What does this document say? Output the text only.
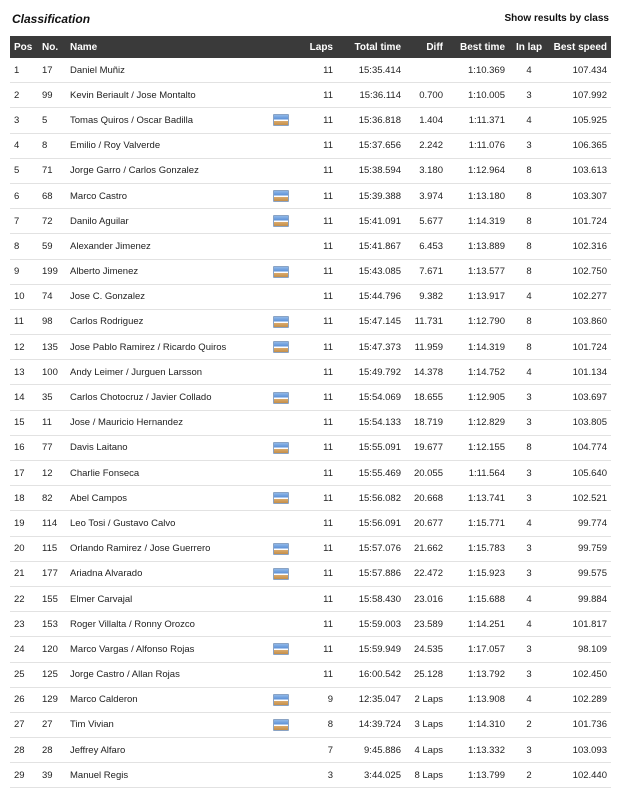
Classification	Show results by class
Pos	No.	Name		Laps	Total time	Diff	Best time	In lap	Best speed
1	17	Daniel Muñiz		11	15:35.414		1:10.369	4	107.434
2	99	Kevin Beriault / Jose Montalto		11	15:36.114	0.700	1:10.005	3	107.992
3	5	Tomas Quiros / Oscar Badilla		11	15:36.818	1.404	1:11.371	4	105.925
4	8	Emilio / Roy Valverde		11	15:37.656	2.242	1:11.076	3	106.365
5	71	Jorge Garro / Carlos Gonzalez		11	15:38.594	3.180	1:12.964	8	103.613
6	68	Marco Castro		11	15:39.388	3.974	1:13.180	8	103.307
7	72	Danilo Aguilar		11	15:41.091	5.677	1:14.319	8	101.724
8	59	Alexander Jimenez		11	15:41.867	6.453	1:13.889	8	102.316
9	199	Alberto Jimenez		11	15:43.085	7.671	1:13.577	8	102.750
10	74	Jose C. Gonzalez		11	15:44.796	9.382	1:13.917	4	102.277
11	98	Carlos Rodriguez		11	15:47.145	11.731	1:12.790	8	103.860
12	135	Jose Pablo Ramirez / Ricardo Quiros		11	15:47.373	11.959	1:14.319	8	101.724
13	100	Andy Leimer / Jurguen Larsson		11	15:49.792	14.378	1:14.752	4	101.134
14	35	Carlos Chotocruz / Javier Collado		11	15:54.069	18.655	1:12.905	3	103.697
15	11	Jose / Mauricio Hernandez		11	15:54.133	18.719	1:12.829	3	103.805
16	77	Davis Laitano		11	15:55.091	19.677	1:12.155	8	104.774
17	12	Charlie Fonseca		11	15:55.469	20.055	1:11.564	3	105.640
18	82	Abel Campos		11	15:56.082	20.668	1:13.741	3	102.521
19	114	Leo Tosi / Gustavo Calvo		11	15:56.091	20.677	1:15.771	4	99.774
20	115	Orlando Ramirez / Jose Guerrero		11	15:57.076	21.662	1:15.783	3	99.759
21	177	Ariadna Alvarado		11	15:57.886	22.472	1:15.923	3	99.575
22	155	Elmer Carvajal		11	15:58.430	23.016	1:15.688	4	99.884
23	153	Roger Villalta / Ronny Orozco		11	15:59.003	23.589	1:14.251	4	101.817
24	120	Marco Vargas / Alfonso Rojas		11	15:59.949	24.535	1:17.057	3	98.109
25	125	Jorge Castro / Allan Rojas		11	16:00.542	25.128	1:13.792	3	102.450
26	129	Marco Calderon		9	12:35.047	2 Laps	1:13.908	4	102.289
27	27	Tim Vivian		8	14:39.724	3 Laps	1:14.310	2	101.736
28	28	Jeffrey Alfaro		7	9:45.886	4 Laps	1:13.332	3	103.093
29	39	Manuel Regis		3	3:44.025	8 Laps	1:13.799	2	102.440
